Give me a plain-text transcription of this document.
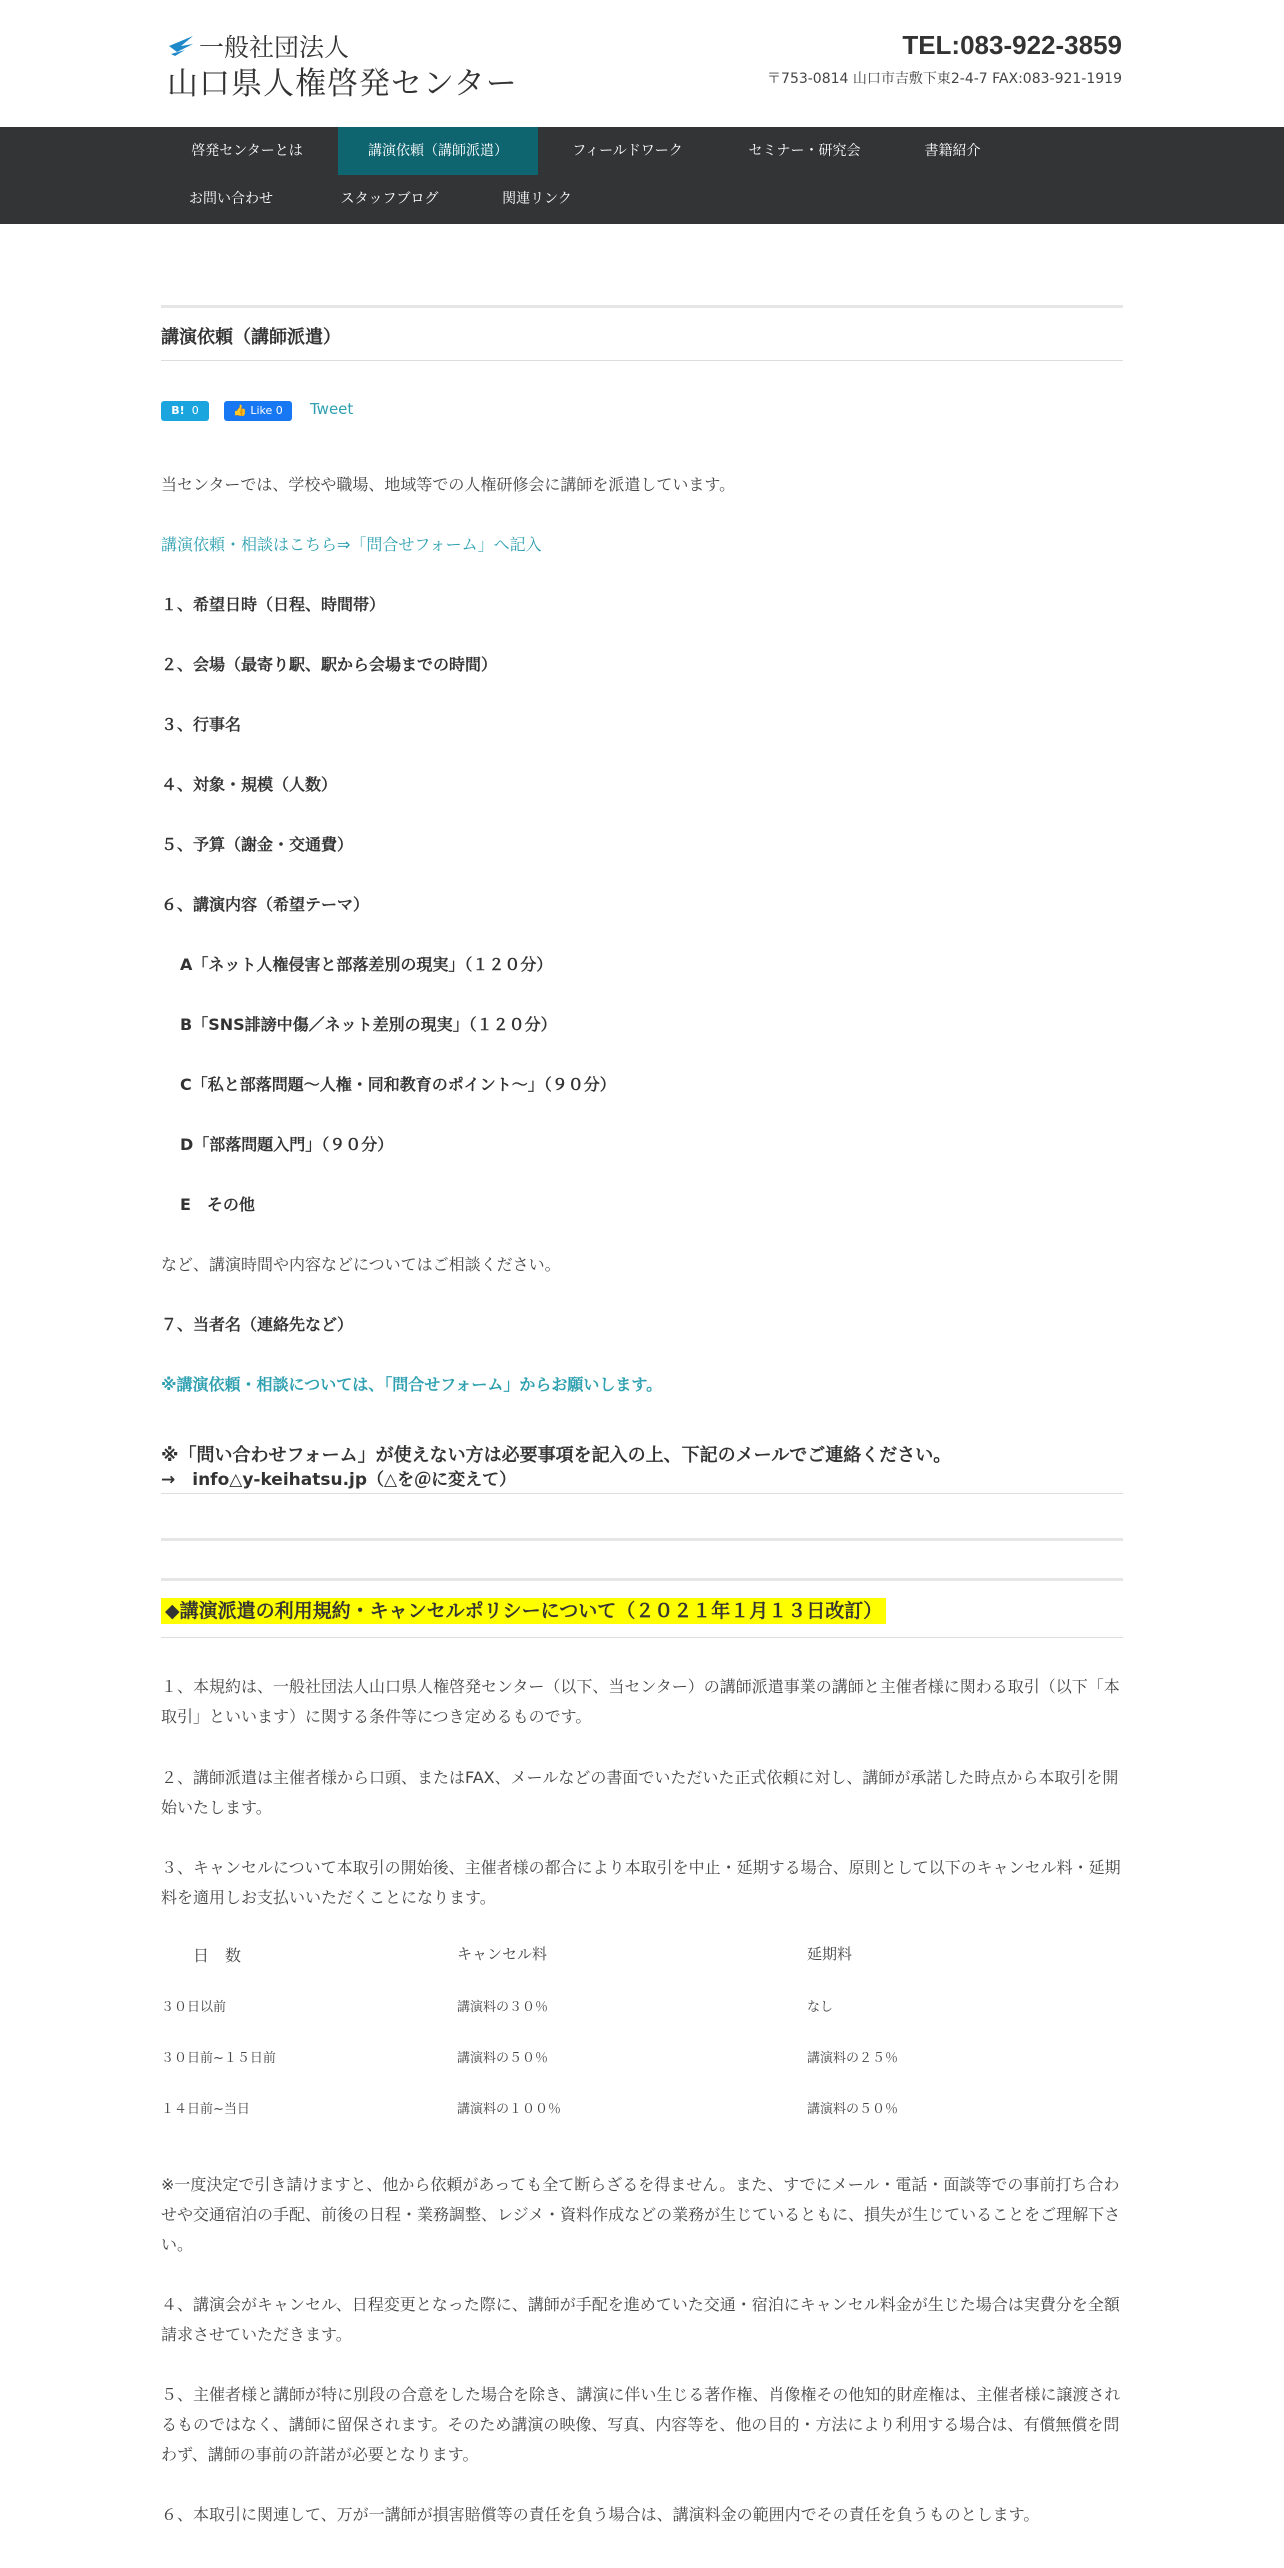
一般社団法人
山口県人権啓発センター
TEL:083-922-3859
〒753-0814 山口市吉敷下東2-4-7 FAX:083-921-1919
啓発センターとは	講演依頼（講師派遣）	フィールドワーク	セミナー・研究会	書籍紹介
お問い合わせ	スタッフブログ	関連リンク
講演依頼（講師派遣）
B! 0	👍 Like 0	Tweet
当センターでは、学校や職場、地域等での人権研修会に講師を派遣しています。
講演依頼・相談はこちら⇒「問合せフォーム」へ記入
１、希望日時（日程、時間帯）
２、会場（最寄り駅、駅から会場までの時間）
３、行事名
４、対象・規模（人数）
５、予算（謝金・交通費）
６、講演内容（希望テーマ）
A「ネット人権侵害と部落差別の現実」（１２０分）
B「SNS誹謗中傷／ネット差別の現実」（１２０分）
C「私と部落問題～人権・同和教育のポイント～」（９０分）
D「部落問題入門」（９０分）
E　その他
など、講演時間や内容などについてはご相談ください。
７、当者名（連絡先など）
※講演依頼・相談については、「問合せフォーム」からお願いします。
※「問い合わせフォーム」が使えない方は必要事項を記入の上、下記のメールでご連絡ください。
→　info△y-keihatsu.jp（△を＠に変えて）
◆講演派遣の利用規約・キャンセルポリシーについて（２０２１年１月１３日改訂）
１、本規約は、一般社団法人山口県人権啓発センター（以下、当センター）の講師派遣事業の講師と主催者様に関わる取引（以下「本取引」といいます）に関する条件等につき定めるものです。
２、講師派遣は主催者様から口頭、またはFAX、メールなどの書面でいただいた正式依頼に対し、講師が承諾した時点から本取引を開始いたします。
３、キャンセルについて本取引の開始後、主催者様の都合により本取引を中止・延期する場合、原則として以下のキャンセル料・延期料を適用しお支払いいただくことになります。
日　数	キャンセル料	延期料
３０日以前	講演料の３０％	なし
３０日前~１５日前	講演料の５０％	講演料の２５％
１４日前~当日	講演料の１００％	講演料の５０％
※一度決定で引き請けますと、他から依頼があっても全て断らざるを得ません。また、すでにメール・電話・面談等での事前打ち合わせや交通宿泊の手配、前後の日程・業務調整、レジメ・資料作成などの業務が生じているともに、損失が生じていることをご理解下さい。
４、講演会がキャンセル、日程変更となった際に、講師が手配を進めていた交通・宿泊にキャンセル料金が生じた場合は実費分を全額請求させていただきます。
５、主催者様と講師が特に別段の合意をした場合を除き、講演に伴い生じる著作権、肖像権その他知的財産権は、主催者様に譲渡されるものではなく、講師に留保されます。そのため講演の映像、写真、内容等を、他の目的・方法により利用する場合は、有償無償を問わず、講師の事前の許諾が必要となります。
６、本取引に関連して、万が一講師が損害賠償等の責任を負う場合は、講演料金の範囲内でその責任を負うものとします。
